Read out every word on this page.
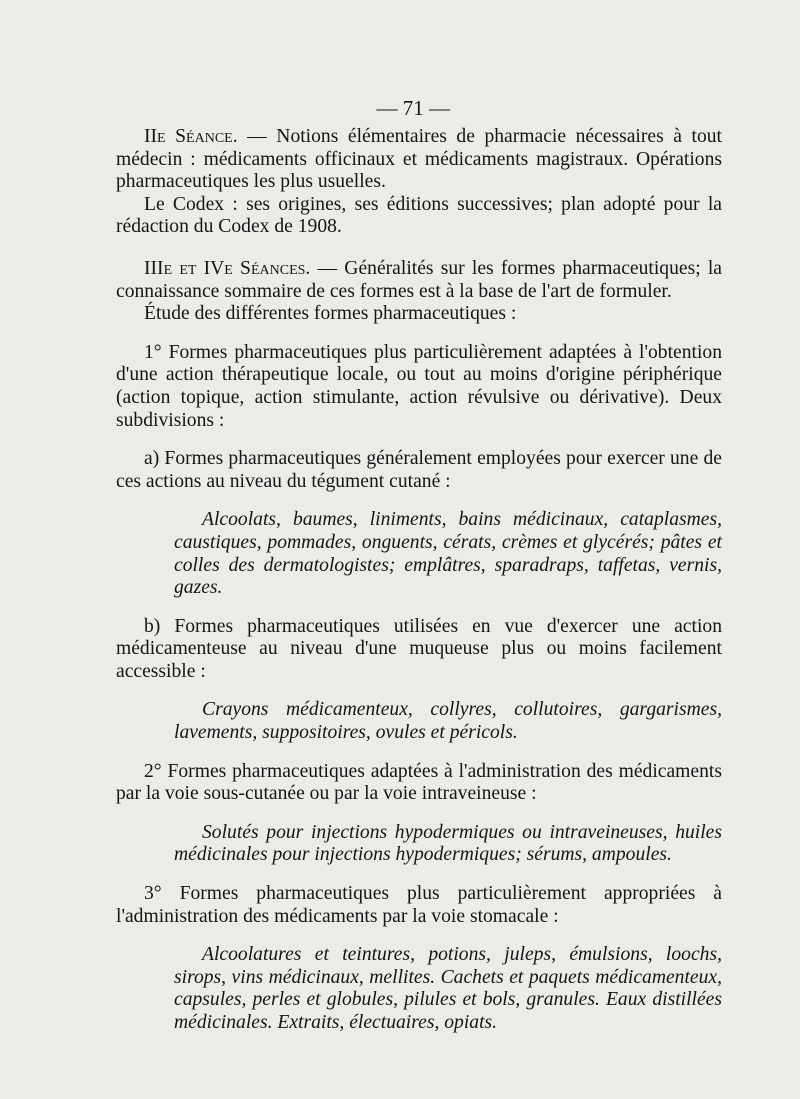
— 71 —

IIe Séance. — Notions élémentaires de pharmacie nécessaires à tout médecin : médicaments officinaux et médicaments magistraux. Opérations pharmaceutiques les plus usuelles.

Le Codex : ses origines, ses éditions successives; plan adopté pour la rédaction du Codex de 1908.

IIIe et IVe Séances. — Généralités sur les formes pharmaceutiques; la connaissance sommaire de ces formes est à la base de l'art de formuler.

Étude des différentes formes pharmaceutiques :

1° Formes pharmaceutiques plus particulièrement adaptées à l'obtention d'une action thérapeutique locale, ou tout au moins d'origine périphérique (action topique, action stimulante, action révulsive ou dérivative). Deux subdivisions :

a) Formes pharmaceutiques généralement employées pour exercer une de ces actions au niveau du tégument cutané :

Alcoolats, baumes, liniments, bains médicinaux, cataplasmes, caustiques, pommades, onguents, cérats, crèmes et glycérés; pâtes et colles des dermatologistes; emplâtres, sparadraps, taffetas, vernis, gazes.

b) Formes pharmaceutiques utilisées en vue d'exercer une action médicamenteuse au niveau d'une muqueuse plus ou moins facilement accessible :

Crayons médicamenteux, collyres, collutoires, gargarismes, lavements, suppositoires, ovules et péricols.

2° Formes pharmaceutiques adaptées à l'administration des médicaments par la voie sous-cutanée ou par la voie intraveineuse :

Solutés pour injections hypodermiques ou intraveineuses, huiles médicinales pour injections hypodermiques; sérums, ampoules.

3° Formes pharmaceutiques plus particulièrement appropriées à l'administration des médicaments par la voie stomacale :

Alcoolatures et teintures, potions, juleps, émulsions, loochs, sirops, vins médicinaux, mellites. Cachets et paquets médicamenteux, capsules, perles et globules, pilules et bols, granules. Eaux distillées médicinales. Extraits, électuaires, opiats.
